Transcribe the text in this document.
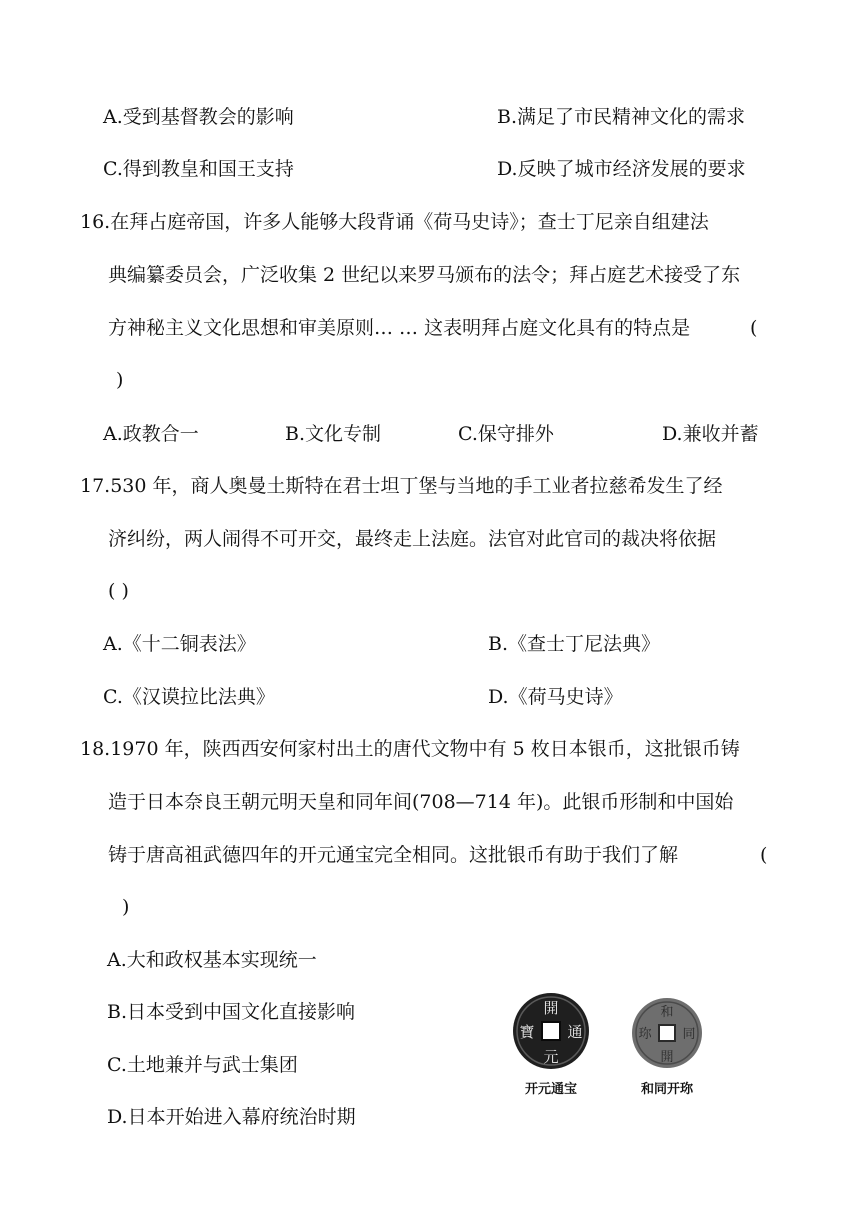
A.受到基督教会的影响	B.满足了市民精神文化的需求
C.得到教皇和国王支持	D.反映了城市经济发展的要求
16.在拜占庭帝国，许多人能够大段背诵《荷马史诗》；查士丁尼亲自组建法
典编纂委员会，广泛收集 2 世纪以来罗马颁布的法令；拜占庭艺术接受了东
方神秘主义文化思想和审美原则… … 这表明拜占庭文化具有的特点是	(
)
A.政教合一	B.文化专制	C.保守排外	D.兼收并蓄
17.530 年，商人奥曼土斯特在君士坦丁堡与当地的手工业者拉慈希发生了经
济纠纷，两人闹得不可开交，最终走上法庭。法官对此官司的裁决将依据
( )
A.《十二铜表法》	B.《查士丁尼法典》
C.《汉谟拉比法典》	D.《荷马史诗》
18.1970 年，陕西西安何家村出土的唐代文物中有 5 枚日本银币，这批银币铸
造于日本奈良王朝元明天皇和同年间(708—714 年)。此银币形制和中国始
铸于唐高祖武德四年的开元通宝完全相同。这批银币有助于我们了解	(
)
A.大和政权基本实现统一
B.日本受到中国文化直接影响
C.土地兼并与武士集团
D.日本开始进入幕府统治时期
開
通
元
寶
开元通宝
和
同
開
珎
和同开珎
